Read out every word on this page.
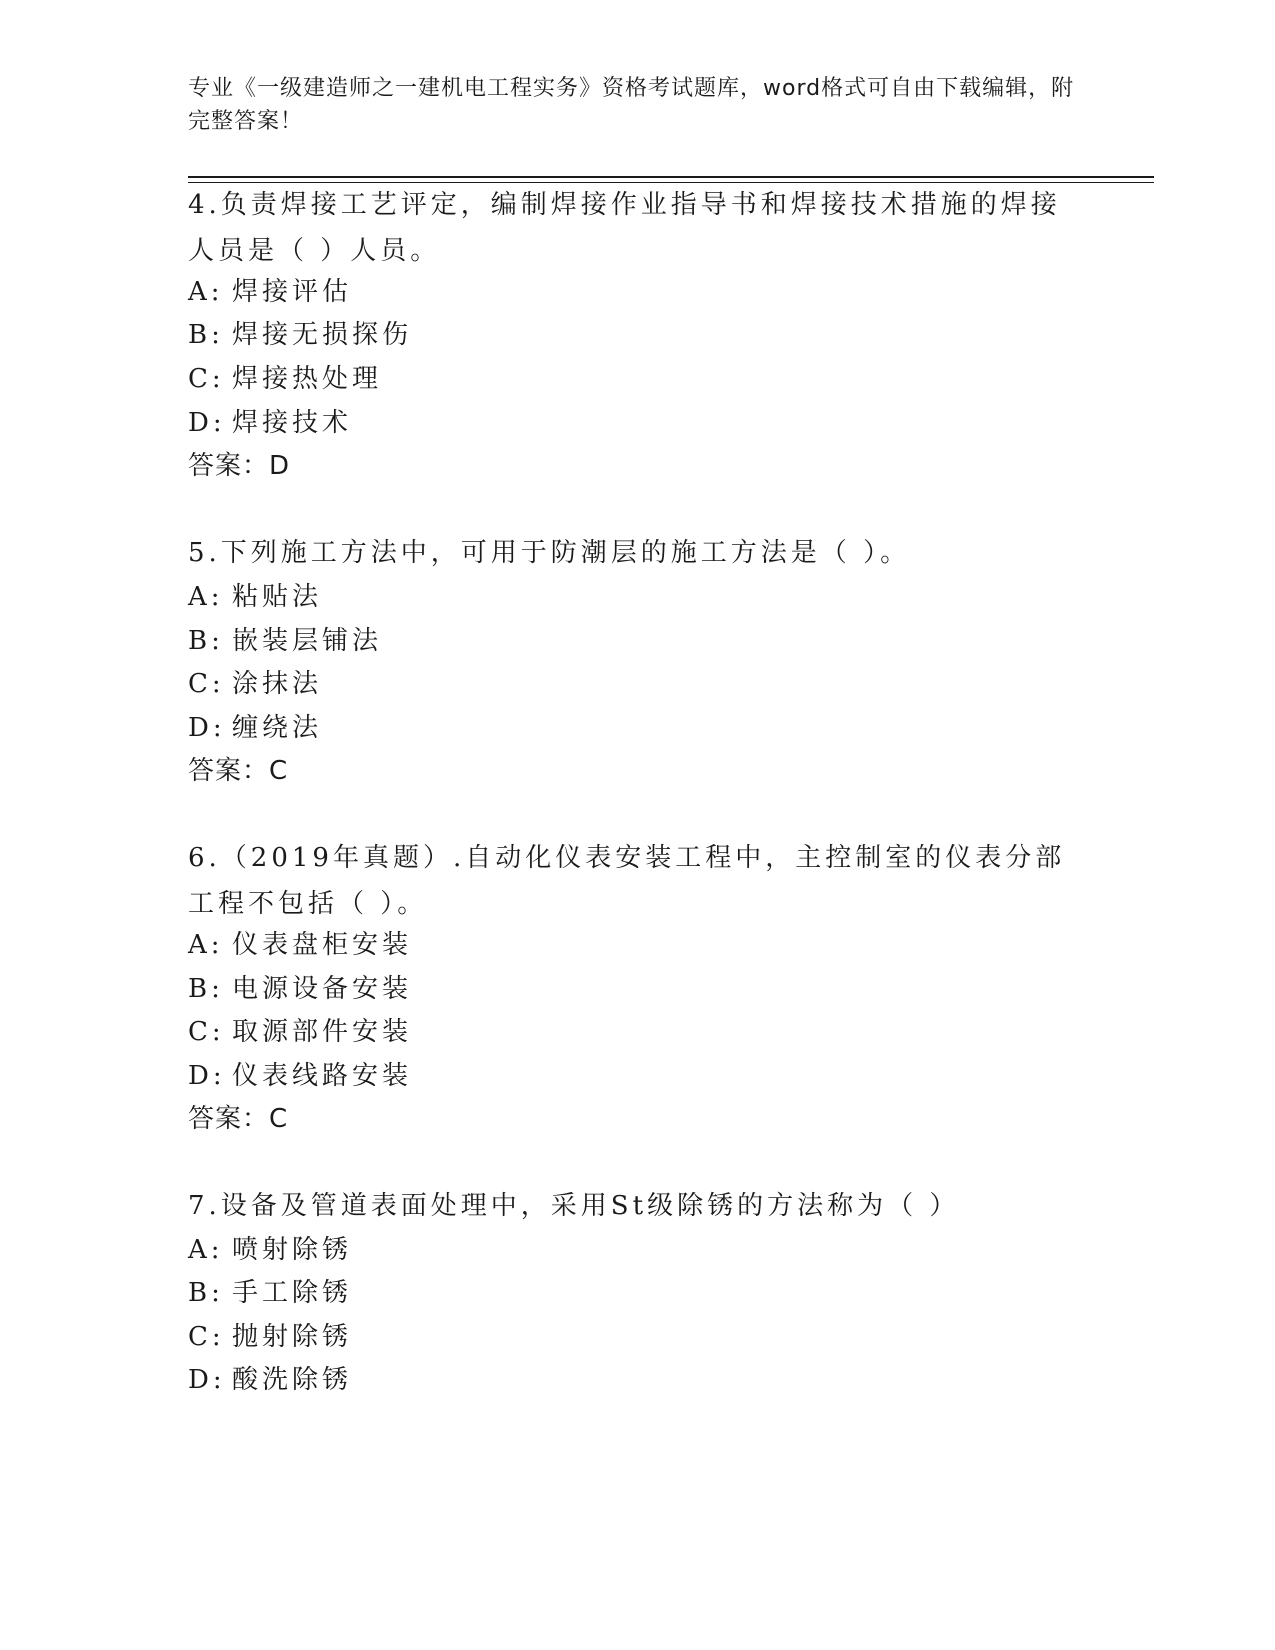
专业《一级建造师之一建机电工程实务》资格考试题库，word格式可自由下载编辑，附完整答案！

4.负责焊接工艺评定，编制焊接作业指导书和焊接技术措施的焊接人员是（ ）人员。

A: 焊接评估
B: 焊接无损探伤
C: 焊接热处理
D: 焊接技术
答案：D

5.下列施工方法中，可用于防潮层的施工方法是（ ）。

A: 粘贴法
B: 嵌装层铺法
C: 涂抹法
D: 缠绕法
答案：C

6.（2019年真题）.自动化仪表安装工程中，主控制室的仪表分部工程不包括（ ）。

A: 仪表盘柜安装
B: 电源设备安装
C: 取源部件安装
D: 仪表线路安装
答案：C

7.设备及管道表面处理中，采用St级除锈的方法称为（ ）

A: 喷射除锈
B: 手工除锈
C: 抛射除锈
D: 酸洗除锈
